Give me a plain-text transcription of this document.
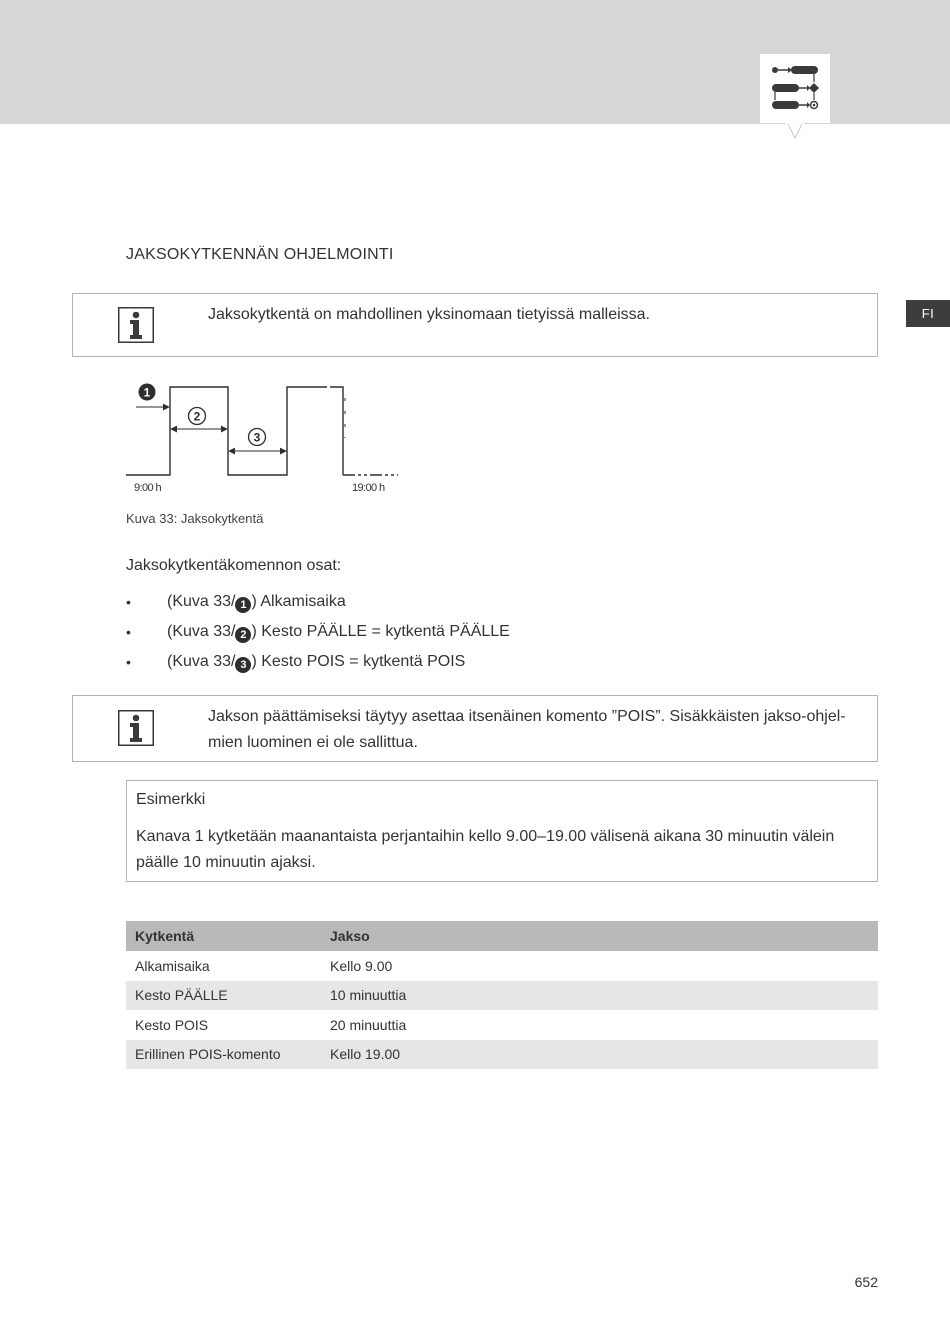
FI
JAKSOKYTKENNÄN OHJELMOINTI
Jaksokytkentä on mahdollinen yksinomaan tietyissä malleissa.
1
2
3
9:00 h	19:00 h
Kuva 33: Jaksokytkentä
Jaksokytkentäkomennon osat:
• (Kuva 33/ 1 ) Alkamisaika
• (Kuva 33/ 2 ) Kesto PÄÄLLE = kytkentä PÄÄLLE
• (Kuva 33/ 3 ) Kesto POIS = kytkentä POIS
Jakson päättämiseksi täytyy asettaa itsenäinen komento ”POIS”. Sisäkkäisten jakso-ohjel-
mien luominen ei ole sallittua.
Esimerkki
Kanava 1 kytketään maanantaista perjantaihin kello 9.00–19.00 välisenä aikana 30 minuutin välein
päälle 10 minuutin ajaksi.
Kytkentä	Jakso
Alkamisaika	Kello 9.00
Kesto PÄÄLLE	10 minuuttia
Kesto POIS	20 minuuttia
Erillinen POIS-komento	Kello 19.00
652
